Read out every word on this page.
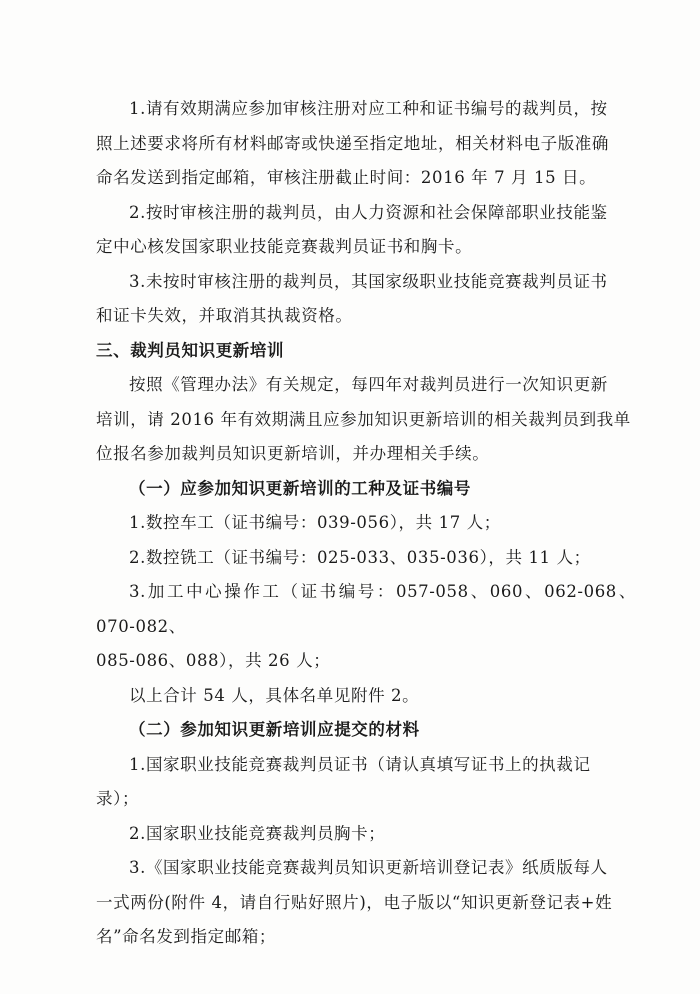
1.请有效期满应参加审核注册对应工种和证书编号的裁判员，按
照上述要求将所有材料邮寄或快递至指定地址，相关材料电子版准确
命名发送到指定邮箱，审核注册截止时间：2016 年 7 月 15 日。

2.按时审核注册的裁判员，由人力资源和社会保障部职业技能鉴
定中心核发国家职业技能竞赛裁判员证书和胸卡。

3.未按时审核注册的裁判员，其国家级职业技能竞赛裁判员证书
和证卡失效，并取消其执裁资格。

三、裁判员知识更新培训

按照《管理办法》有关规定，每四年对裁判员进行一次知识更新
培训，请 2016 年有效期满且应参加知识更新培训的相关裁判员到我单
位报名参加裁判员知识更新培训，并办理相关手续。

（一）应参加知识更新培训的工种及证书编号

1.数控车工（证书编号：039-056），共 17 人；

2.数控铣工（证书编号：025-033、035-036），共 11 人；

3.加工中心操作工（证书编号：057-058、060、062-068、070-082、
085-086、088），共 26 人；

以上合计 54 人，具体名单见附件 2。

（二）参加知识更新培训应提交的材料

1.国家职业技能竞赛裁判员证书（请认真填写证书上的执裁记
录）；

2.国家职业技能竞赛裁判员胸卡；

3.《国家职业技能竞赛裁判员知识更新培训登记表》纸质版每人
一式两份(附件 4，请自行贴好照片)，电子版以“知识更新登记表+姓
名”命名发到指定邮箱；
